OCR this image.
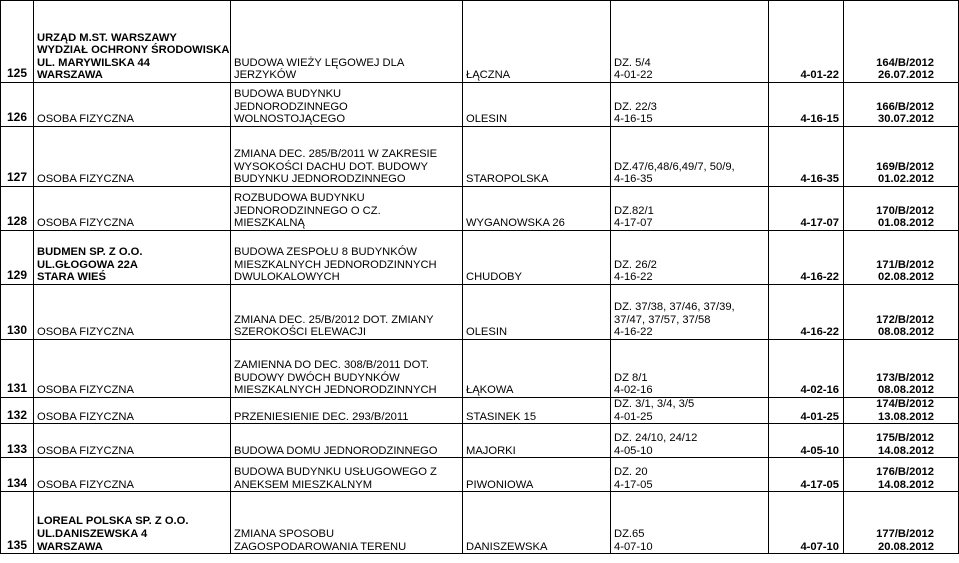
125	URZĄD M.ST. WARSZAWY
WYDZIAŁ OCHRONY ŚRODOWISKA
UL. MARYWILSKA 44
WARSZAWA	BUDOWA WIEŻY LĘGOWEJ DLA
JERZYKÓW	ŁĄCZNA	DZ. 5/4
4-01-22	4-01-22	164/B/2012
26.07.2012

126	OSOBA FIZYCZNA	BUDOWA BUDYNKU
JEDNORODZINNEGO
WOLNOSTOJĄCEGO	OLESIN	DZ. 22/3
4-16-15	4-16-15	166/B/2012
30.07.2012

127	OSOBA FIZYCZNA	ZMIANA DEC. 285/B/2011 W ZAKRESIE
WYSOKOŚCI DACHU DOT. BUDOWY
BUDYNKU JEDNORODZINNEGO	STAROPOLSKA	DZ.47/6,48/6,49/7, 50/9,
4-16-35	4-16-35	169/B/2012
01.02.2012

128	OSOBA FIZYCZNA	ROZBUDOWA BUDYNKU
JEDNORODZINNEGO O CZ.
MIESZKALNĄ	WYGANOWSKA 26	DZ.82/1
4-17-07	4-17-07	170/B/2012
01.08.2012

129	BUDMEN SP. Z O.O.
UL.GŁOGOWA 22A
STARA WIEŚ	BUDOWA ZESPOŁU 8 BUDYNKÓW
MIESZKALNYCH JEDNORODZINNYCH
DWULOKALOWYCH	CHUDOBY	DZ. 26/2
4-16-22	4-16-22	171/B/2012
02.08.2012

130	OSOBA FIZYCZNA	ZMIANA DEC. 25/B/2012 DOT. ZMIANY
SZEROKOŚCI ELEWACJI	OLESIN	DZ. 37/38, 37/46, 37/39,
37/47, 37/57, 37/58
4-16-22	4-16-22	172/B/2012
08.08.2012

131	OSOBA FIZYCZNA	ZAMIENNA DO DEC. 308/B/2011 DOT.
BUDOWY DWÓCH BUDYNKÓW
MIESZKALNYCH JEDNORODZINNYCH	ŁĄKOWA	DZ 8/1
4-02-16	4-02-16	173/B/2012
08.08.2012

132	OSOBA FIZYCZNA	PRZENIESIENIE DEC. 293/B/2011	STASINEK 15	DZ. 3/1, 3/4, 3/5
4-01-25	4-01-25	174/B/2012
13.08.2012

133	OSOBA FIZYCZNA	BUDOWA DOMU JEDNORODZINNEGO	MAJORKI	DZ. 24/10, 24/12
4-05-10	4-05-10	175/B/2012
14.08.2012

134	OSOBA FIZYCZNA	BUDOWA BUDYNKU USŁUGOWEGO Z
ANEKSEM MIESZKALNYM	PIWONIOWA	DZ. 20
4-17-05	4-17-05	176/B/2012
14.08.2012

135	LOREAL POLSKA SP. Z O.O.
UL.DANISZEWSKA 4
WARSZAWA	ZMIANA SPOSOBU
ZAGOSPODAROWANIA TERENU	DANISZEWSKA	DZ.65
4-07-10	4-07-10	177/B/2012
20.08.2012
